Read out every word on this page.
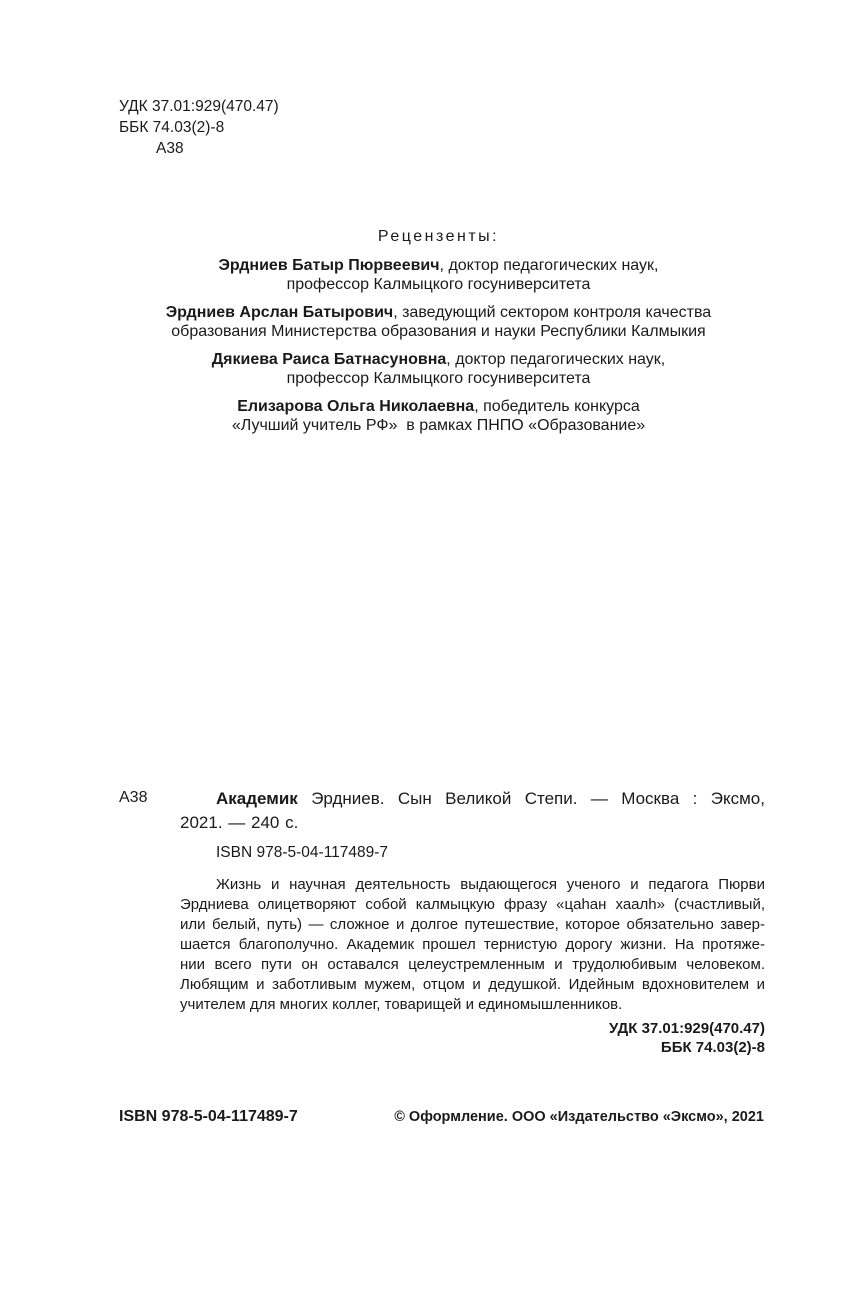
УДК 37.01:929(470.47)
ББК 74.03(2)-8
А38
Рецензенты:
Эрдниев Батыр Пюрвеевич, доктор педагогических наук,
профессор Калмыцкого госуниверситета
Эрдниев Арслан Батырович, заведующий сектором контроля качества
образования Министерства образования и науки Республики Калмыкия
Дякиева Раиса Батнасуновна, доктор педагогических наук,
профессор Калмыцкого госуниверситета
Елизарова Ольга Николаевна, победитель конкурса
«Лучший учитель РФ»  в рамках ПНПО «Образование»
А38	Академик Эрдниев. Сын Великой Степи. — Москва : Эксмо,
2021. — 240 с.
ISBN 978-5-04-117489-7
Жизнь и научная деятельность выдающегося ученого и педагога Пюрви
Эрдниева олицетворяют собой калмыцкую фразу «цаһан хаалһ» (счастливый,
или белый, путь) — сложное и долгое путешествие, которое обязательно завер-
шается благополучно. Академик прошел тернистую дорогу жизни. На протяже-
нии всего пути он оставался целеустремленным и трудолюбивым человеком.
Любящим и заботливым мужем, отцом и дедушкой. Идейным вдохновителем и
учителем для многих коллег, товарищей и единомышленников.
УДК 37.01:929(470.47)
ББК 74.03(2)-8
ISBN 978-5-04-117489-7	© Оформление. ООО «Издательство «Эксмо», 2021
